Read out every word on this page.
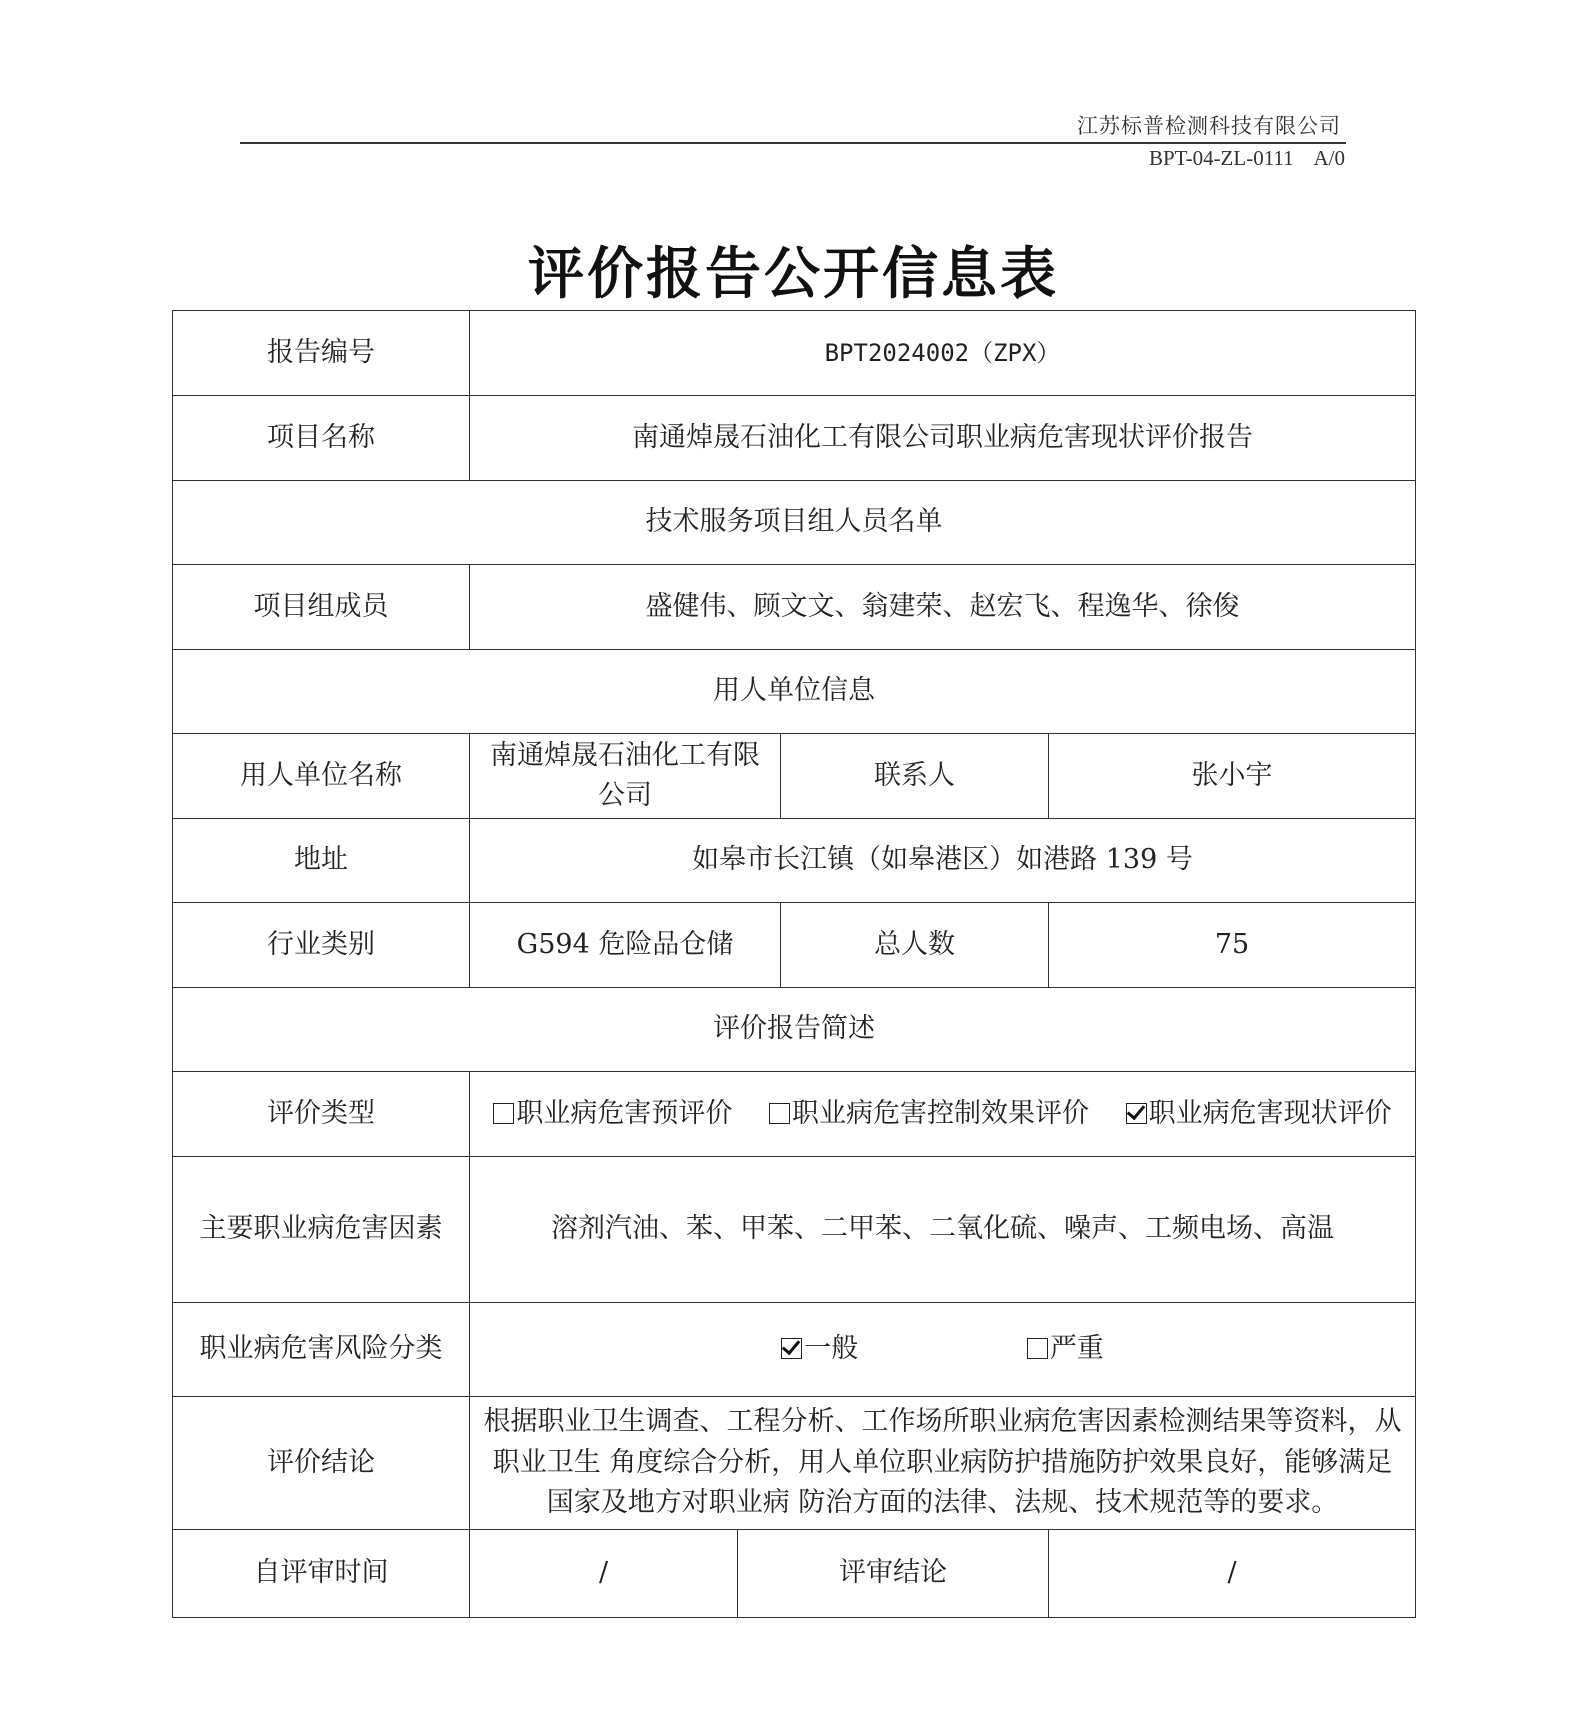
江苏标普检测科技有限公司
BPT-04-ZL-0111    A/0
评价报告公开信息表
报告编号	BPT2024002（ZPX）			
项目名称	南通焯晟石油化工有限公司职业病危害现状评价报告			
技术服务项目组人员名单				
项目组成员	盛健伟、顾文文、翁建荣、赵宏飞、程逸华、徐俊			
用人单位信息				
用人单位名称	南通焯晟石油化工有限公司		联系人	张小宇
地址	如皋市长江镇（如皋港区）如港路 139 号			
行业类别	G594 危险品仓储		总人数	75
评价报告简述				
评价类型	职业病危害预评价 职业病危害控制效果评价 职业病危害现状评价			
主要职业病危害因素	溶剂汽油、苯、甲苯、二甲苯、二氧化硫、噪声、工频电场、高温			
职业病危害风险分类	一般 严重			
评价结论	根据职业卫生调查、工程分析、工作场所职业病危害因素检测结果等资料，从职业卫生 角度综合分析，用人单位职业病防护措施防护效果良好，能够满足国家及地方对职业病 防治方面的法律、法规、技术规范等的要求。			
自评审时间	/	评审结论		/
